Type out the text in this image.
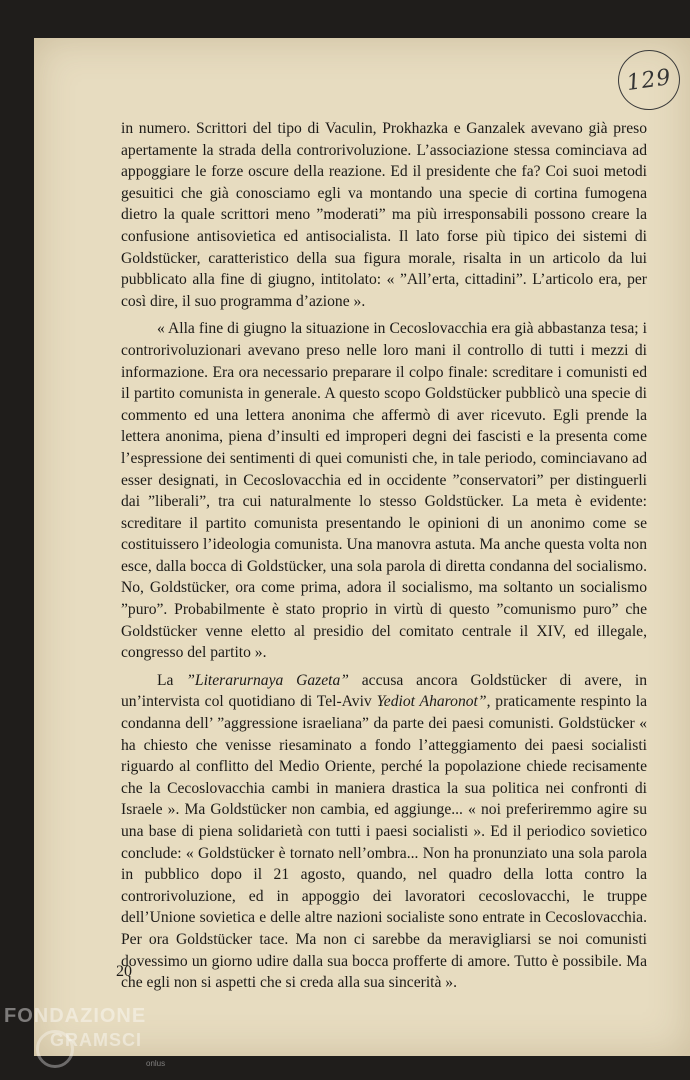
129

in numero. Scrittori del tipo di Vaculin, Prokhazka e Ganzalek avevano già preso apertamente la strada della controrivoluzione. L’associazione stessa cominciava ad appoggiare le forze oscure della reazione. Ed il presidente che fa? Coi suoi metodi gesuitici che già conosciamo egli va montando una specie di cortina fumogena dietro la quale scrittori meno ”moderati” ma più irresponsabili possono creare la confusione antisovietica ed antisocialista. Il lato forse più tipico dei sistemi di Goldstücker, caratteristico della sua figura morale, risalta in un articolo da lui pubblicato alla fine di giugno, intitolato: « ”All’erta, cittadini”. L’articolo era, per così dire, il suo programma d’azione ».

« Alla fine di giugno la situazione in Cecoslovacchia era già abbastanza tesa; i controrivoluzionari avevano preso nelle loro mani il controllo di tutti i mezzi di informazione. Era ora necessario preparare il colpo finale: screditare i comunisti ed il partito comunista in generale. A questo scopo Goldstücker pubblicò una specie di commento ed una lettera anonima che affermò di aver ricevuto. Egli prende la lettera anonima, piena d’insulti ed improperi degni dei fascisti e la presenta come l’espressione dei sentimenti di quei comunisti che, in tale periodo, cominciavano ad esser designati, in Cecoslovacchia ed in occidente ”conservatori” per distinguerli dai ”liberali”, tra cui naturalmente lo stesso Goldstücker. La meta è evidente: screditare il partito comunista presentando le opinioni di un anonimo come se costituissero l’ideologia comunista. Una manovra astuta. Ma anche questa volta non esce, dalla bocca di Goldstücker, una sola parola di diretta condanna del socialismo. No, Goldstücker, ora come prima, adora il socialismo, ma soltanto un socialismo ”puro”. Probabilmente è stato proprio in virtù di questo ”comunismo puro” che Goldstücker venne eletto al presidio del comitato centrale il XIV, ed illegale, congresso del partito ».

La ”Literarurnaya Gazeta” accusa ancora Goldstücker di avere, in un’intervista col quotidiano di Tel-Aviv Yediot Aharonot”, praticamente respinto la condanna dell’ ”aggressione israeliana” da parte dei paesi comunisti. Goldstücker « ha chiesto che venisse riesaminato a fondo l’atteggiamento dei paesi socialisti riguardo al conflitto del Medio Oriente, perché la popolazione chiede recisamente che la Cecoslovacchia cambi in maniera drastica la sua politica nei confronti di Israele ». Ma Goldstücker non cambia, ed aggiunge... « noi preferiremmo agire su una base di piena solidarietà con tutti i paesi socialisti ». Ed il periodico sovietico conclude: « Goldstücker è tornato nell’ombra... Non ha pronunziato una sola parola in pubblico dopo il 21 agosto, quando, nel quadro della lotta contro la controrivoluzione, ed in appoggio dei lavoratori cecoslovacchi, le truppe dell’Unione sovietica e delle altre nazioni socialiste sono entrate in Cecoslovacchia. Per ora Goldstücker tace. Ma non ci sarebbe da meravigliarsi se noi comunisti dovessimo un giorno udire dalla sua bocca profferte di amore. Tutto è possibile. Ma che egli non si aspetti che si creda alla sua sincerità ».

20
FONDAZIONE
GRAMSCI
onlus
